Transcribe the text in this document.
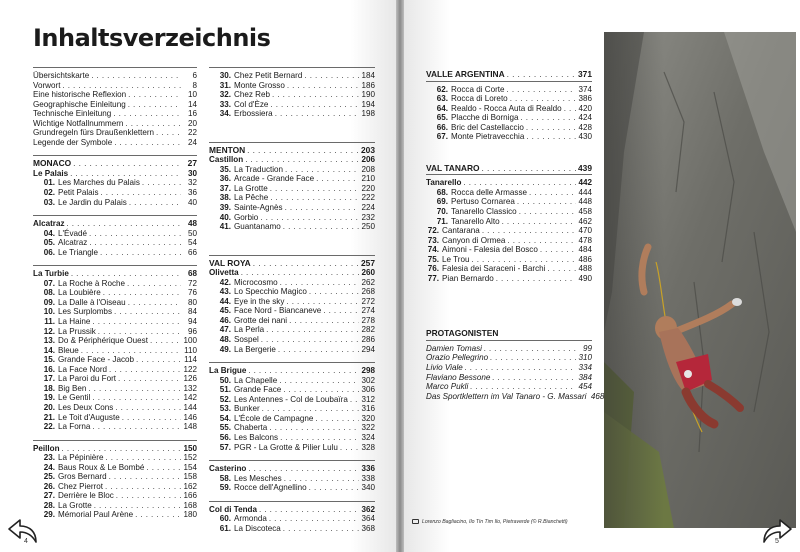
Inhaltsverzeichnis
Übersichtskarte . . .	6
Vorwort . . .	8
Eine historische Reflexion . . .	10
Geographische Einleitung . . .	14
Technische Einleitung . . .	16
Wichtige Notfallnummern . . .	20
Grundregeln fürs Draußenklettern . . .	22
Legende der Symbole . . .	24
MONACO . . .	27
Le Palais . . .	30
01. Les Marches du Palais . . .	32
02. Petit Palais . . .	36
03. Le Jardin du Palais . . .	40
Alcatraz . . .	48
04. L'Évadé . . .	50
05. Alcatraz . . .	54
06. Le Triangle . . .	66
La Turbie . . .	68
07. La Roche à Roche . . .	72
08. La Loubière . . .	76
09. La Dalle à l'Oiseau . . .	80
10. Les Surplombs . . .	84
11. La Haine . . .	94
12. La Prussik . . .	96
13. Do & Périphérique Ouest . . .	100
14. Bleue . . .	110
15. Grande Face - Jacob . . .	114
16. La Face Nord . . .	122
17. La Paroi du Fort . . .	126
18. Big Ben . . .	132
19. Le Gentil . . .	142
20. Les Deux Cons . . .	144
21. Le Toit d'Auguste . . .	146
22. La Forna . . .	148
Peillon . . .	150
23. La Pépinière . . .	152
24. Baus Roux & Le Bombé . . .	154
25. Gros Bernard . . .	158
26. Chez Pierrot . . .	162
27. Derrière le Bloc . . .	166
28. La Grotte . . .	168
29. Mémorial Paul Arène . . .	180
30. Chez Petit Bernard . . .	184
31. Monte Grosso . . .	186
32. Chez Reb . . .	190
33. Col d'Èze . . .	194
34. Erbossiera . . .	198
MENTON . . .	203
Castillon . . .	206
35. La Traduction . . .	208
36. Arcade - Grande Face . . .	210
37. La Grotte . . .	220
38. La Pêche . . .	222
39. Sainte-Agnès . . .	224
40. Gorbio . . .	232
41. Guantanamo . . .	250
VAL ROYA . . .	257
Olivetta . . .	260
42. Microcosmo . . .	262
43. Lo Specchio Magico . . .	268
44. Eye in the sky . . .	272
45. Face Nord - Biancaneve . . .	274
46. Grotte dei nani . . .	278
47. La Perla . . .	282
48. Sospel . . .	286
49. La Bergerie . . .	294
La Brigue . . .	298
50. La Chapelle . . .	302
51. Grande Face . . .	306
52. Les Antennes - Col de Loubaïra . . . 312
53. Bunker . . .	316
54. L'École de Campagne . . .	320
55. Chaberta . . .	322
56. Les Balcons . . .	324
57. PGR - La Grotte & Pilier Lulu . . .	328
Casterino . . .	336
58. Les Mesches . . .	338
59. Rocce dell'Agnellino . . .	340
Col di Tenda . . .	362
60. Armonda . . .	364
61. La Discoteca . . .	368
VALLE ARGENTINA . . .	371
62. Rocca di Corte . . .	374
63. Rocca di Loreto . . .	386
64. Realdo - Rocca Auta di Realdo . . . 420
65. Placche di Borniga . . .	424
66. Bric del Castellaccio . . .	428
67. Monte Pietravecchia . . .	430
VAL TANARO . . .	439
Tanarello . . .	442
68. Rocca delle Armasse . . .	444
69. Pertuso Cornarea . . .	448
70. Tanarello Classico . . .	458
71. Tanarello Alto . . .	462
72. Cantarana . . .	470
73. Canyon di Ormea . . .	478
74. Aimoni - Falesia del Bosco . . .	484
75. Le Trou . . .	486
76. Falesia dei Saraceni - Barchi . . .	488
77. Pian Bernardo . . .	490
PROTAGONISTEN
Damien Tomasi . . .	99
Orazio Pellegrino . . .	310
Livio Viale . . .	334
Flaviano Bessone . . .	384
Marco Pukli . . .	454
Das Sportklettern im Val Tanaro - G. Massari 468
Lorenzo Bagliacino, Ilo Tin Tim Ilo, Pietraverde (© R.Bianchetti)
4	5
